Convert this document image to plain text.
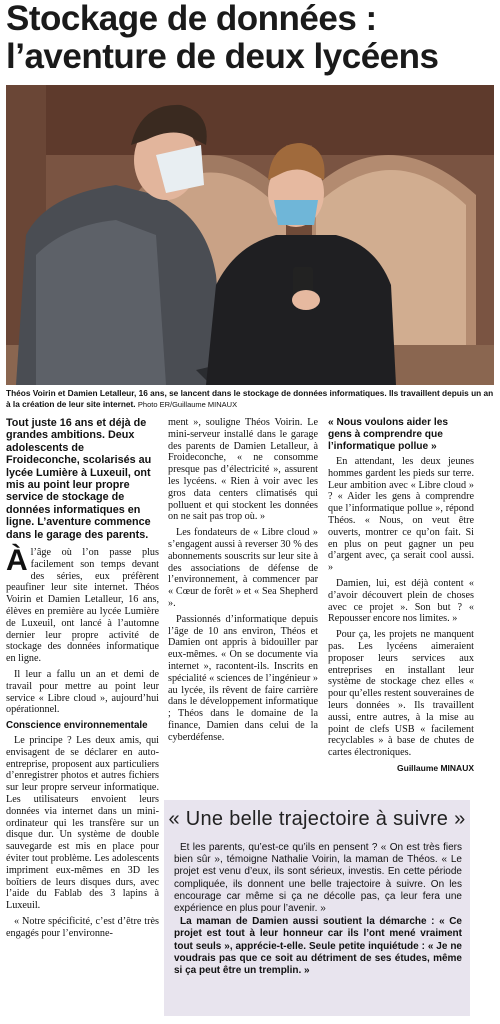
Stockage de données :
l’aventure de deux lycéens
Théos Voirin et Damien Letalleur, 16 ans, se lancent dans le stockage de données informatiques. Ils travaillent depuis un an à la création de leur site internet. Photo ER/Guillaume MINAUX
Tout juste 16 ans et déjà de grandes ambitions. Deux adolescents de Froideconche, scolarisés au lycée Lumière à Luxeuil, ont mis au point leur propre service de stockage de données informatiques en ligne. L’aventure commence dans le garage des parents.

Àl’âge où l’on passe plus facilement son temps devant des séries, eux préfèrent peaufiner leur site internet. Théos Voirin et Damien Letalleur, 16 ans, élèves en première au lycée Lumière de Luxeuil, ont lancé à l’automne dernier leur propre activité de stockage des données informatique en ligne.

Il leur a fallu un an et demi de travail pour mettre au point leur service « Libre cloud », aujourd’hui opérationnel.

Conscience environnementale

Le principe ? Les deux amis, qui envisagent de se déclarer en auto-entreprise, proposent aux particuliers d’enregistrer photos et autres fichiers sur leur propre serveur informatique. Les utilisateurs envoient leurs données via internet dans un mini-ordinateur qui les transfère sur un disque dur. Un système de double sauvegarde est mis en place pour éviter tout problème. Les adolescents impriment eux-mêmes en 3D les boîtiers de leurs disques durs, avec l’aide du Fablab des 3 lapins à Luxeuil.

« Notre spécificité, c’est d’être très engagés pour l’environne-

ment », souligne Théos Voirin. Le mini-serveur installé dans le garage des parents de Damien Letalleur, à Froideconche, « ne consomme presque pas d’électricité », assurent les lycéens. « Rien à voir avec les gros data centers climatisés qui polluent et qui stockent les données on ne sait pas trop où. »

Les fondateurs de « Libre cloud » s’engagent aussi à reverser 30 % des abonnements souscrits sur leur site à des associations de défense de l’environnement, à commencer par « Cœur de forêt » et « Sea Shepherd ».

Passionnés d’informatique depuis l’âge de 10 ans environ, Théos et Damien ont appris à bidouiller par eux-mêmes. « On se documente via internet », racontent-ils. Inscrits en spécialité « sciences de l’ingénieur » au lycée, ils rêvent de faire carrière dans le développement informatique ; Théos dans le domaine de la finance, Damien dans celui de la cyberdéfense.

« Nous voulons aider les gens à comprendre que l’informatique pollue »

En attendant, les deux jeunes hommes gardent les pieds sur terre. Leur ambition avec « Libre cloud » ? « Aider les gens à comprendre que l’informatique pollue », répond Théos. « Nous, on veut être ouverts, montrer ce qu’on fait. Si en plus on peut gagner un peu d’argent avec, ça serait cool aussi. »

Damien, lui, est déjà content « d’avoir découvert plein de choses avec ce projet ». Son but ? « Repousser encore nos limites. »

Pour ça, les projets ne manquent pas. Les lycéens aimeraient proposer leurs services aux entreprises en installant leur système de stockage chez elles « pour qu’elles restent souveraines de leurs données ». Ils travaillent aussi, entre autres, à la mise au point de clefs USB « facilement recyclables » à base de chutes de cartes électroniques.

Guillaume MINAUX
« Une belle trajectoire à suivre »

Et les parents, qu’est-ce qu’ils en pensent ? « On est très fiers bien sûr », témoigne Nathalie Voirin, la maman de Théos. « Le projet est venu d’eux, ils sont sérieux, investis. En cette période compliquée, ils donnent une belle trajectoire à suivre. On les encourage car même si ça ne décolle pas, ça leur fera une expérience en plus pour l’avenir. »

La maman de Damien aussi soutient la démarche : « Ce projet est tout à leur honneur car ils l’ont mené vraiment tout seuls », apprécie-t-elle. Seule petite inquiétude : « Je ne voudrais pas que ce soit au détriment de ses études, même si ça peut être un tremplin. »
